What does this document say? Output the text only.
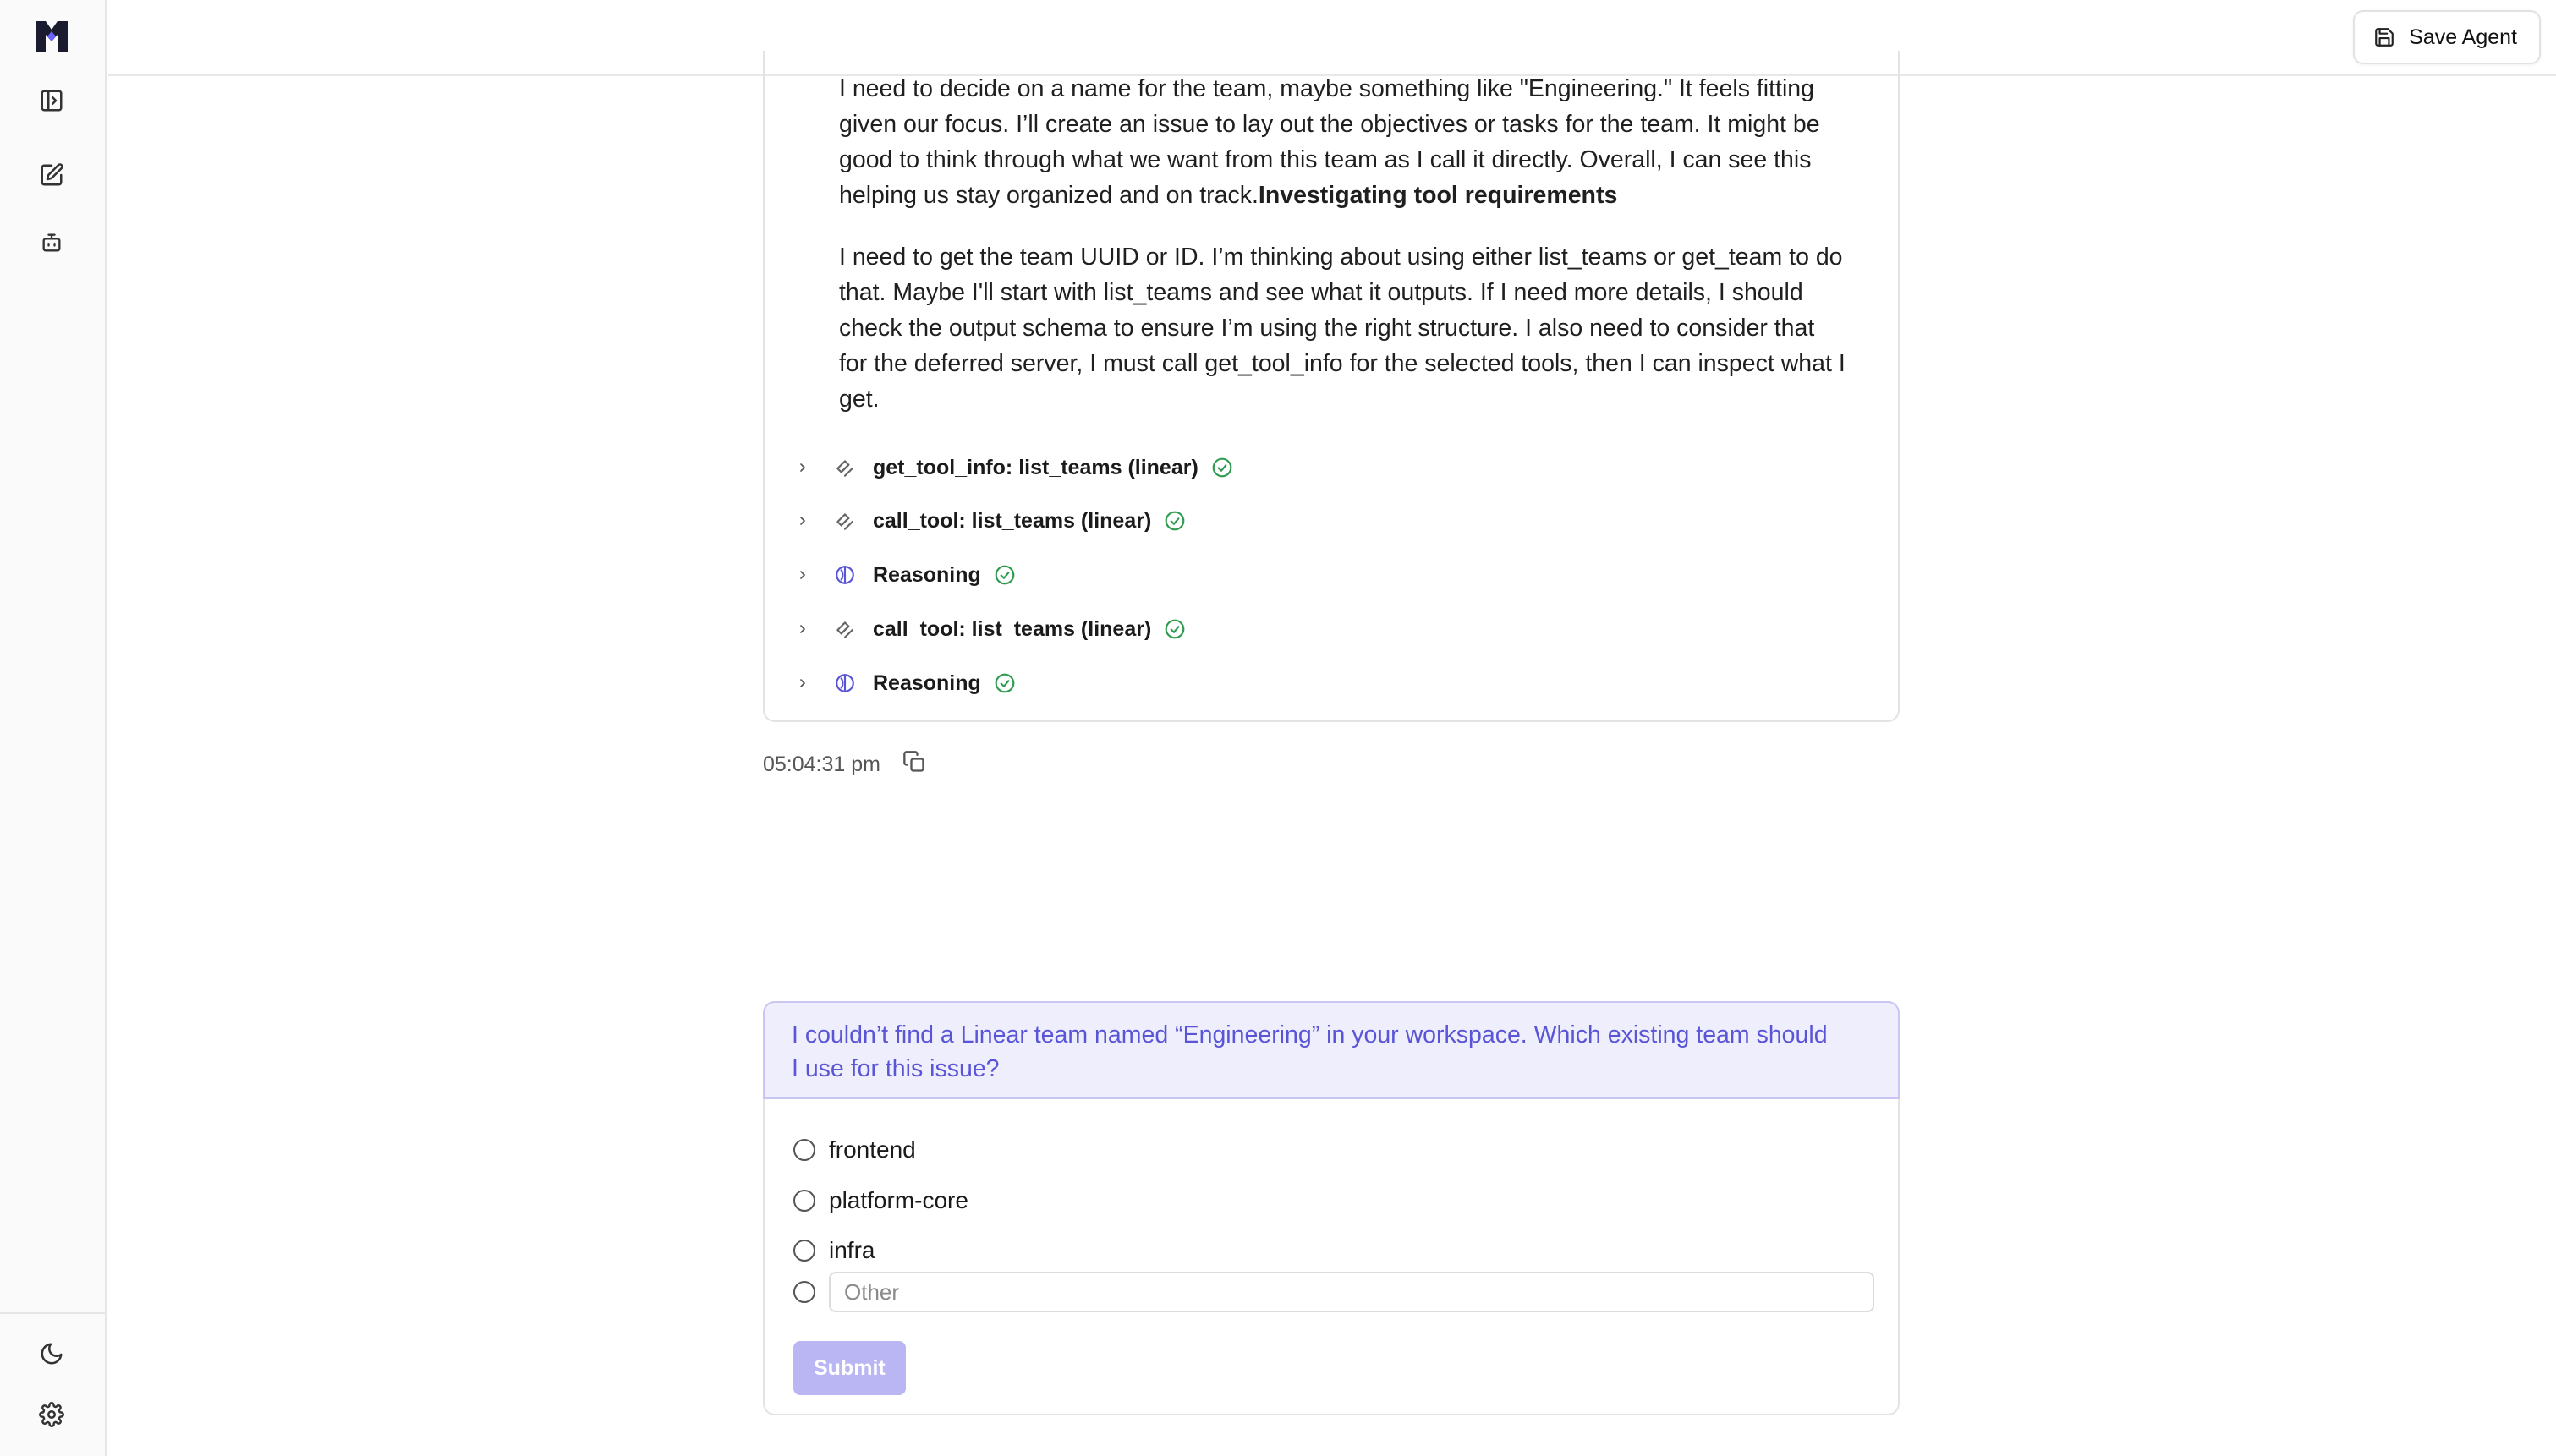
Save Agent
I need to decide on a name for the team, maybe something like "Engineering." It feels fitting
given our focus. I’ll create an issue to lay out the objectives or tasks for the team. It might be
good to think through what we want from this team as I call it directly. Overall, I can see this
helping us stay organized and on track.Investigating tool requirements
I need to get the team UUID or ID. I’m thinking about using either list_teams or get_team to do
that. Maybe I'll start with list_teams and see what it outputs. If I need more details, I should
check the output schema to ensure I’m using the right structure. I also need to consider that
for the deferred server, I must call get_tool_info for the selected tools, then I can inspect what I
get.
get_tool_info: list_teams (linear)
call_tool: list_teams (linear)
Reasoning
call_tool: list_teams (linear)
Reasoning
05:04:31 pm
I couldn’t find a Linear team named “Engineering” in your workspace. Which existing team should I use for this issue?
frontend
platform-core
infra
Other
Submit
